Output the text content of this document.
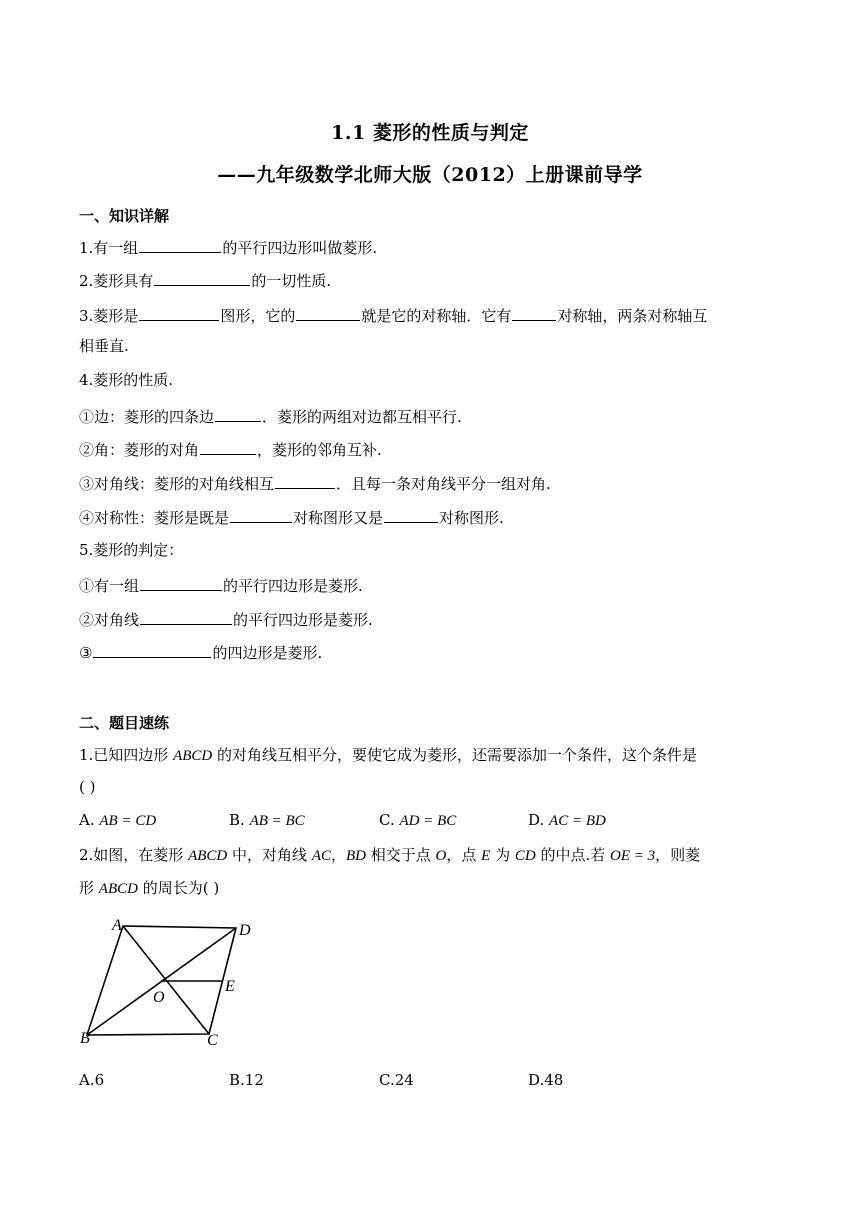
1.1 菱形的性质与判定
——九年级数学北师大版（2012）上册课前导学
一、知识详解
1.有一组	的平行四边形叫做菱形.
2.菱形具有	的一切性质.
3.菱形是	图形，它的	就是它的对称轴．它有	对称轴，两条对称轴互
相垂直.
4.菱形的性质.
①边：菱形的四条边	．菱形的两组对边都互相平行.
②角：菱形的对角	，菱形的邻角互补.
③对角线：菱形的对角线相互	．且每一条对角线平分一组对角.
④对称性：菱形是既是	对称图形又是	对称图形.
5.菱形的判定：
①有一组	的平行四边形是菱形.
②对角线	的平行四边形是菱形.
③	的四边形是菱形.
二、题目速练
1.已知四边形 ABCD 的对角线互相平分，要使它成为菱形，还需要添加一个条件，这个条件是
( )
A. AB = CD	B. AB = BC	C. AD = BC	D. AC = BD
2.如图，在菱形 ABCD 中，对角线 AC，BD 相交于点 O，点 E 为 CD 的中点.若 OE = 3，则菱
形 ABCD 的周长为( )
A	D
E
O
B	C
A.6	B.12	C.24	D.48
